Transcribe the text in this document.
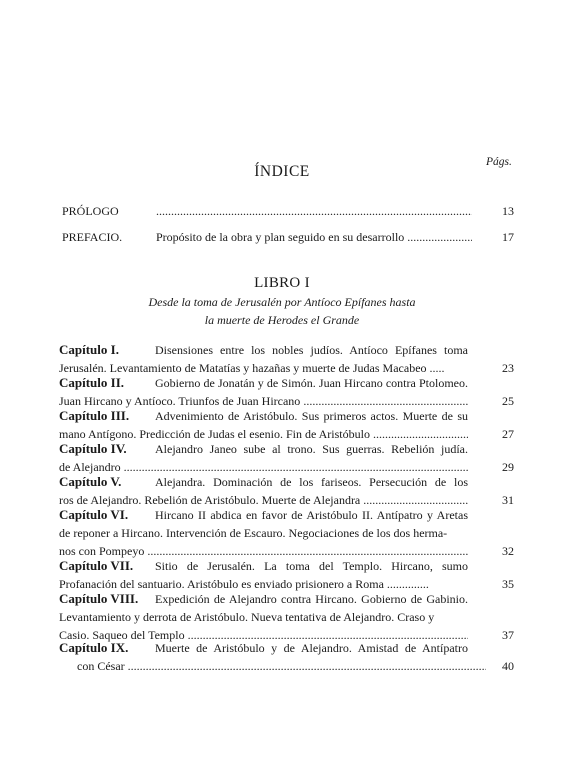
Págs.
ÍNDICE
PRÓLOGO .....	13
PREFACIO.	Propósito de la obra y plan seguido en su desarrollo .....	17
LIBRO I
Desde la toma de Jerusalén por Antíoco Epífanes hasta
la muerte de Herodes el Grande
Capítulo I.	Disensiones entre los nobles judíos. Antíoco Epífanes toma
Jerusalén. Levantamiento de Matatías y hazañas y muerte de Judas Macabeo .....	23
Capítulo II.	Gobierno de Jonatán y de Simón. Juan Hircano contra Ptolomeo.
Juan Hircano y Antíoco. Triunfos de Juan Hircano .....	25
Capítulo III. Advenimiento de Aristóbulo. Sus primeros actos. Muerte de su
mano Antígono. Predicción de Judas el esenio. Fin de Aristóbulo .....	27
Capítulo IV. Alejandro Janeo sube al trono. Sus guerras. Rebelión judía.
de Alejandro .....	29
Capítulo V.	Alejandra. Dominación de los fariseos. Persecución de los
ros de Alejandro. Rebelión de Aristóbulo. Muerte de Alejandra .....	31
Capítulo VI. Hircano II abdica en favor de Aristóbulo II. Antípatro y Aretas
de reponer a Hircano. Intervención de Escauro. Negociaciones de los dos herma-
nos con Pompeyo .....	32
Capítulo VII. Sitio de Jerusalén. La toma del Templo. Hircano, sumo
Profanación del santuario. Aristóbulo es enviado prisionero a Roma ..............	35
Capítulo VIII. Expedición de Alejandro contra Hircano. Gobierno de Gabinio.
Levantamiento y derrota de Aristóbulo. Nueva tentativa de Alejandro. Craso y
Casio. Saqueo del Templo .....	37
Capítulo IX. Muerte de Aristóbulo y de Alejandro. Amistad de Antípatro
con César .....	40
